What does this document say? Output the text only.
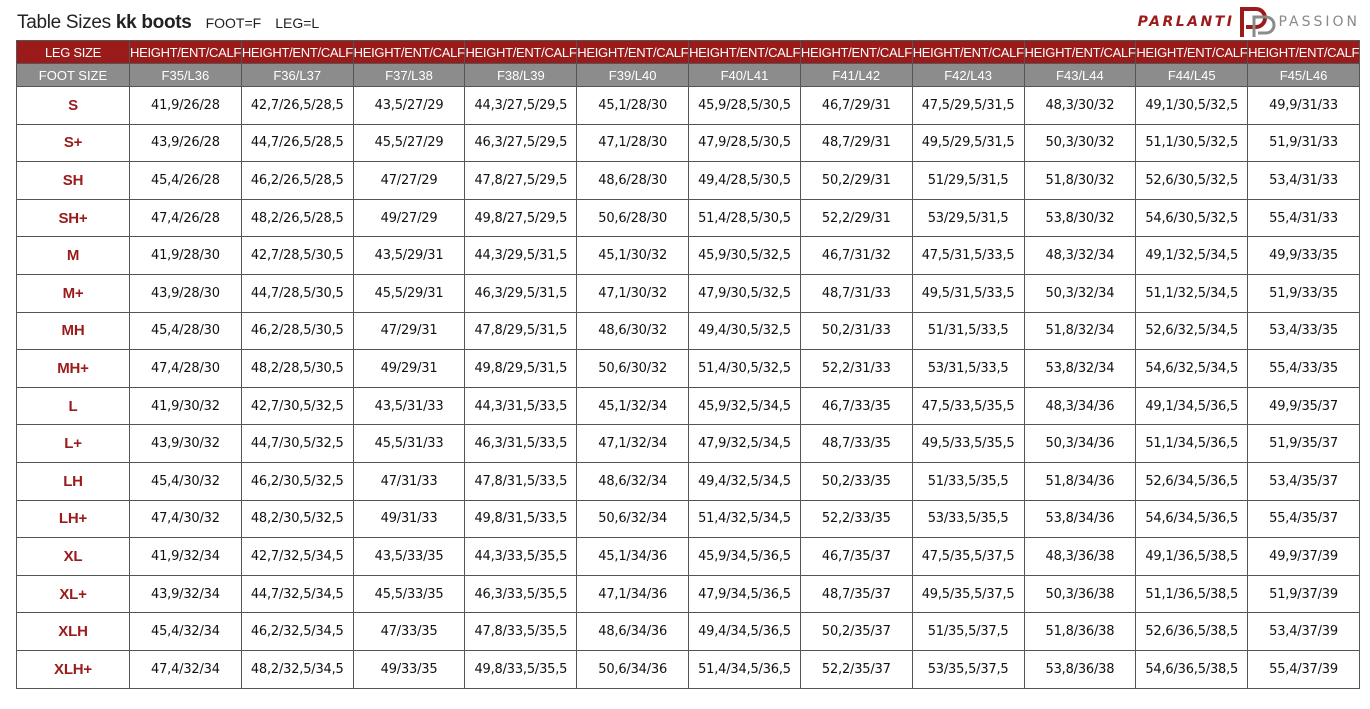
Table Sizes kk boots FOOT=F LEG=L	PARLANTI	PASSION
LEG SIZE	HEIGHT/ENT/CALF	HEIGHT/ENT/CALF	HEIGHT/ENT/CALF	HEIGHT/ENT/CALF	HEIGHT/ENT/CALF	HEIGHT/ENT/CALF	HEIGHT/ENT/CALF	HEIGHT/ENT/CALF	HEIGHT/ENT/CALF	HEIGHT/ENT/CALF	HEIGHT/ENT/CALF
FOOT SIZE	F35/L36	F36/L37	F37/L38	F38/L39	F39/L40	F40/L41	F41/L42	F42/L43	F43/L44	F44/L45	F45/L46
S	41,9/26/28	42,7/26,5/28,5	43,5/27/29	44,3/27,5/29,5	45,1/28/30	45,9/28,5/30,5	46,7/29/31	47,5/29,5/31,5	48,3/30/32	49,1/30,5/32,5	49,9/31/33
S+	43,9/26/28	44,7/26,5/28,5	45,5/27/29	46,3/27,5/29,5	47,1/28/30	47,9/28,5/30,5	48,7/29/31	49,5/29,5/31,5	50,3/30/32	51,1/30,5/32,5	51,9/31/33
SH	45,4/26/28	46,2/26,5/28,5	47/27/29	47,8/27,5/29,5	48,6/28/30	49,4/28,5/30,5	50,2/29/31	51/29,5/31,5	51,8/30/32	52,6/30,5/32,5	53,4/31/33
SH+	47,4/26/28	48,2/26,5/28,5	49/27/29	49,8/27,5/29,5	50,6/28/30	51,4/28,5/30,5	52,2/29/31	53/29,5/31,5	53,8/30/32	54,6/30,5/32,5	55,4/31/33
M	41,9/28/30	42,7/28,5/30,5	43,5/29/31	44,3/29,5/31,5	45,1/30/32	45,9/30,5/32,5	46,7/31/32	47,5/31,5/33,5	48,3/32/34	49,1/32,5/34,5	49,9/33/35
M+	43,9/28/30	44,7/28,5/30,5	45,5/29/31	46,3/29,5/31,5	47,1/30/32	47,9/30,5/32,5	48,7/31/33	49,5/31,5/33,5	50,3/32/34	51,1/32,5/34,5	51,9/33/35
MH	45,4/28/30	46,2/28,5/30,5	47/29/31	47,8/29,5/31,5	48,6/30/32	49,4/30,5/32,5	50,2/31/33	51/31,5/33,5	51,8/32/34	52,6/32,5/34,5	53,4/33/35
MH+	47,4/28/30	48,2/28,5/30,5	49/29/31	49,8/29,5/31,5	50,6/30/32	51,4/30,5/32,5	52,2/31/33	53/31,5/33,5	53,8/32/34	54,6/32,5/34,5	55,4/33/35
L	41,9/30/32	42,7/30,5/32,5	43,5/31/33	44,3/31,5/33,5	45,1/32/34	45,9/32,5/34,5	46,7/33/35	47,5/33,5/35,5	48,3/34/36	49,1/34,5/36,5	49,9/35/37
L+	43,9/30/32	44,7/30,5/32,5	45,5/31/33	46,3/31,5/33,5	47,1/32/34	47,9/32,5/34,5	48,7/33/35	49,5/33,5/35,5	50,3/34/36	51,1/34,5/36,5	51,9/35/37
LH	45,4/30/32	46,2/30,5/32,5	47/31/33	47,8/31,5/33,5	48,6/32/34	49,4/32,5/34,5	50,2/33/35	51/33,5/35,5	51,8/34/36	52,6/34,5/36,5	53,4/35/37
LH+	47,4/30/32	48,2/30,5/32,5	49/31/33	49,8/31,5/33,5	50,6/32/34	51,4/32,5/34,5	52,2/33/35	53/33,5/35,5	53,8/34/36	54,6/34,5/36,5	55,4/35/37
XL	41,9/32/34	42,7/32,5/34,5	43,5/33/35	44,3/33,5/35,5	45,1/34/36	45,9/34,5/36,5	46,7/35/37	47,5/35,5/37,5	48,3/36/38	49,1/36,5/38,5	49,9/37/39
XL+	43,9/32/34	44,7/32,5/34,5	45,5/33/35	46,3/33,5/35,5	47,1/34/36	47,9/34,5/36,5	48,7/35/37	49,5/35,5/37,5	50,3/36/38	51,1/36,5/38,5	51,9/37/39
XLH	45,4/32/34	46,2/32,5/34,5	47/33/35	47,8/33,5/35,5	48,6/34/36	49,4/34,5/36,5	50,2/35/37	51/35,5/37,5	51,8/36/38	52,6/36,5/38,5	53,4/37/39
XLH+	47,4/32/34	48,2/32,5/34,5	49/33/35	49,8/33,5/35,5	50,6/34/36	51,4/34,5/36,5	52,2/35/37	53/35,5/37,5	53,8/36/38	54,6/36,5/38,5	55,4/37/39
